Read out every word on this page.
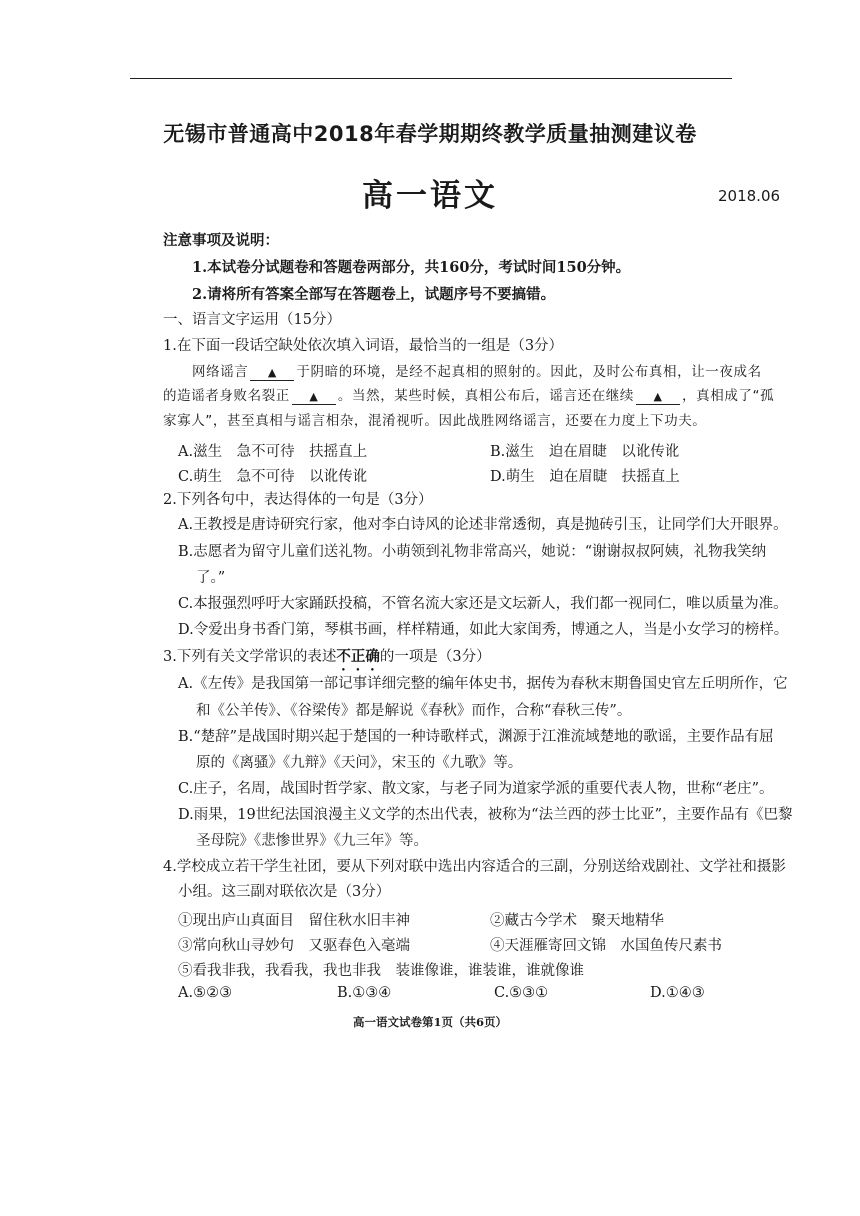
无锡市普通高中2018年春学期期终教学质量抽测建议卷
高一语文	2018.06
注意事项及说明：
1.本试卷分试题卷和答题卷两部分，共160分，考试时间150分钟。
2.请将所有答案全部写在答题卷上，试题序号不要搞错。
一、语言文字运用（15分）
1.在下面一段话空缺处依次填入词语，最恰当的一组是（3分）
网络谣言 ▲ 于阴暗的环境，是经不起真相的照射的。因此，及时公布真相，让一夜成名
的造谣者身败名裂正 ▲ 。当然，某些时候，真相公布后，谣言还在继续 ▲ ，真相成了“孤
家寡人”，甚至真相与谣言相杂，混淆视听。因此战胜网络谣言，还要在力度上下功夫。
A.滋生　急不可待　扶摇直上	B.滋生　迫在眉睫　以讹传讹
C.萌生　急不可待　以讹传讹	D.萌生　迫在眉睫　扶摇直上
2.下列各句中，表达得体的一句是（3分）
A.王教授是唐诗研究行家，他对李白诗风的论述非常透彻，真是抛砖引玉，让同学们大开眼界。
B.志愿者为留守儿童们送礼物。小萌领到礼物非常高兴，她说：“谢谢叔叔阿姨，礼物我笑纳
了。”
C.本报强烈呼吁大家踊跃投稿，不管名流大家还是文坛新人，我们都一视同仁，唯以质量为准。
D.令爱出身书香门第，琴棋书画，样样精通，如此大家闺秀，博通之人，当是小女学习的榜样。
3.下列有关文学常识的表述不正确的一项是（3分）
A.《左传》是我国第一部记事详细完整的编年体史书，据传为春秋末期鲁国史官左丘明所作，它
和《公羊传》、《谷梁传》都是解说《春秋》而作，合称“春秋三传”。
B.“楚辞”是战国时期兴起于楚国的一种诗歌样式，渊源于江淮流域楚地的歌谣，主要作品有屈
原的《离骚》《九辩》《天问》，宋玉的《九歌》等。
C.庄子，名周，战国时哲学家、散文家，与老子同为道家学派的重要代表人物，世称“老庄”。
D.雨果，19世纪法国浪漫主义文学的杰出代表，被称为“法兰西的莎士比亚”，主要作品有《巴黎
圣母院》《悲惨世界》《九三年》等。
4.学校成立若干学生社团，要从下列对联中选出内容适合的三副，分别送给戏剧社、文学社和摄影
小组。这三副对联依次是（3分）
①现出庐山真面目　留住秋水旧丰神	②藏古今学术　聚天地精华
③常向秋山寻妙句　又驱春色入毫端	④天涯雁寄回文锦　水国鱼传尺素书
⑤看我非我，我看我，我也非我　装谁像谁，谁装谁，谁就像谁
A.⑤②③	B.①③④	C.⑤③①	D.①④③
高一语文试卷第1页（共6页）
